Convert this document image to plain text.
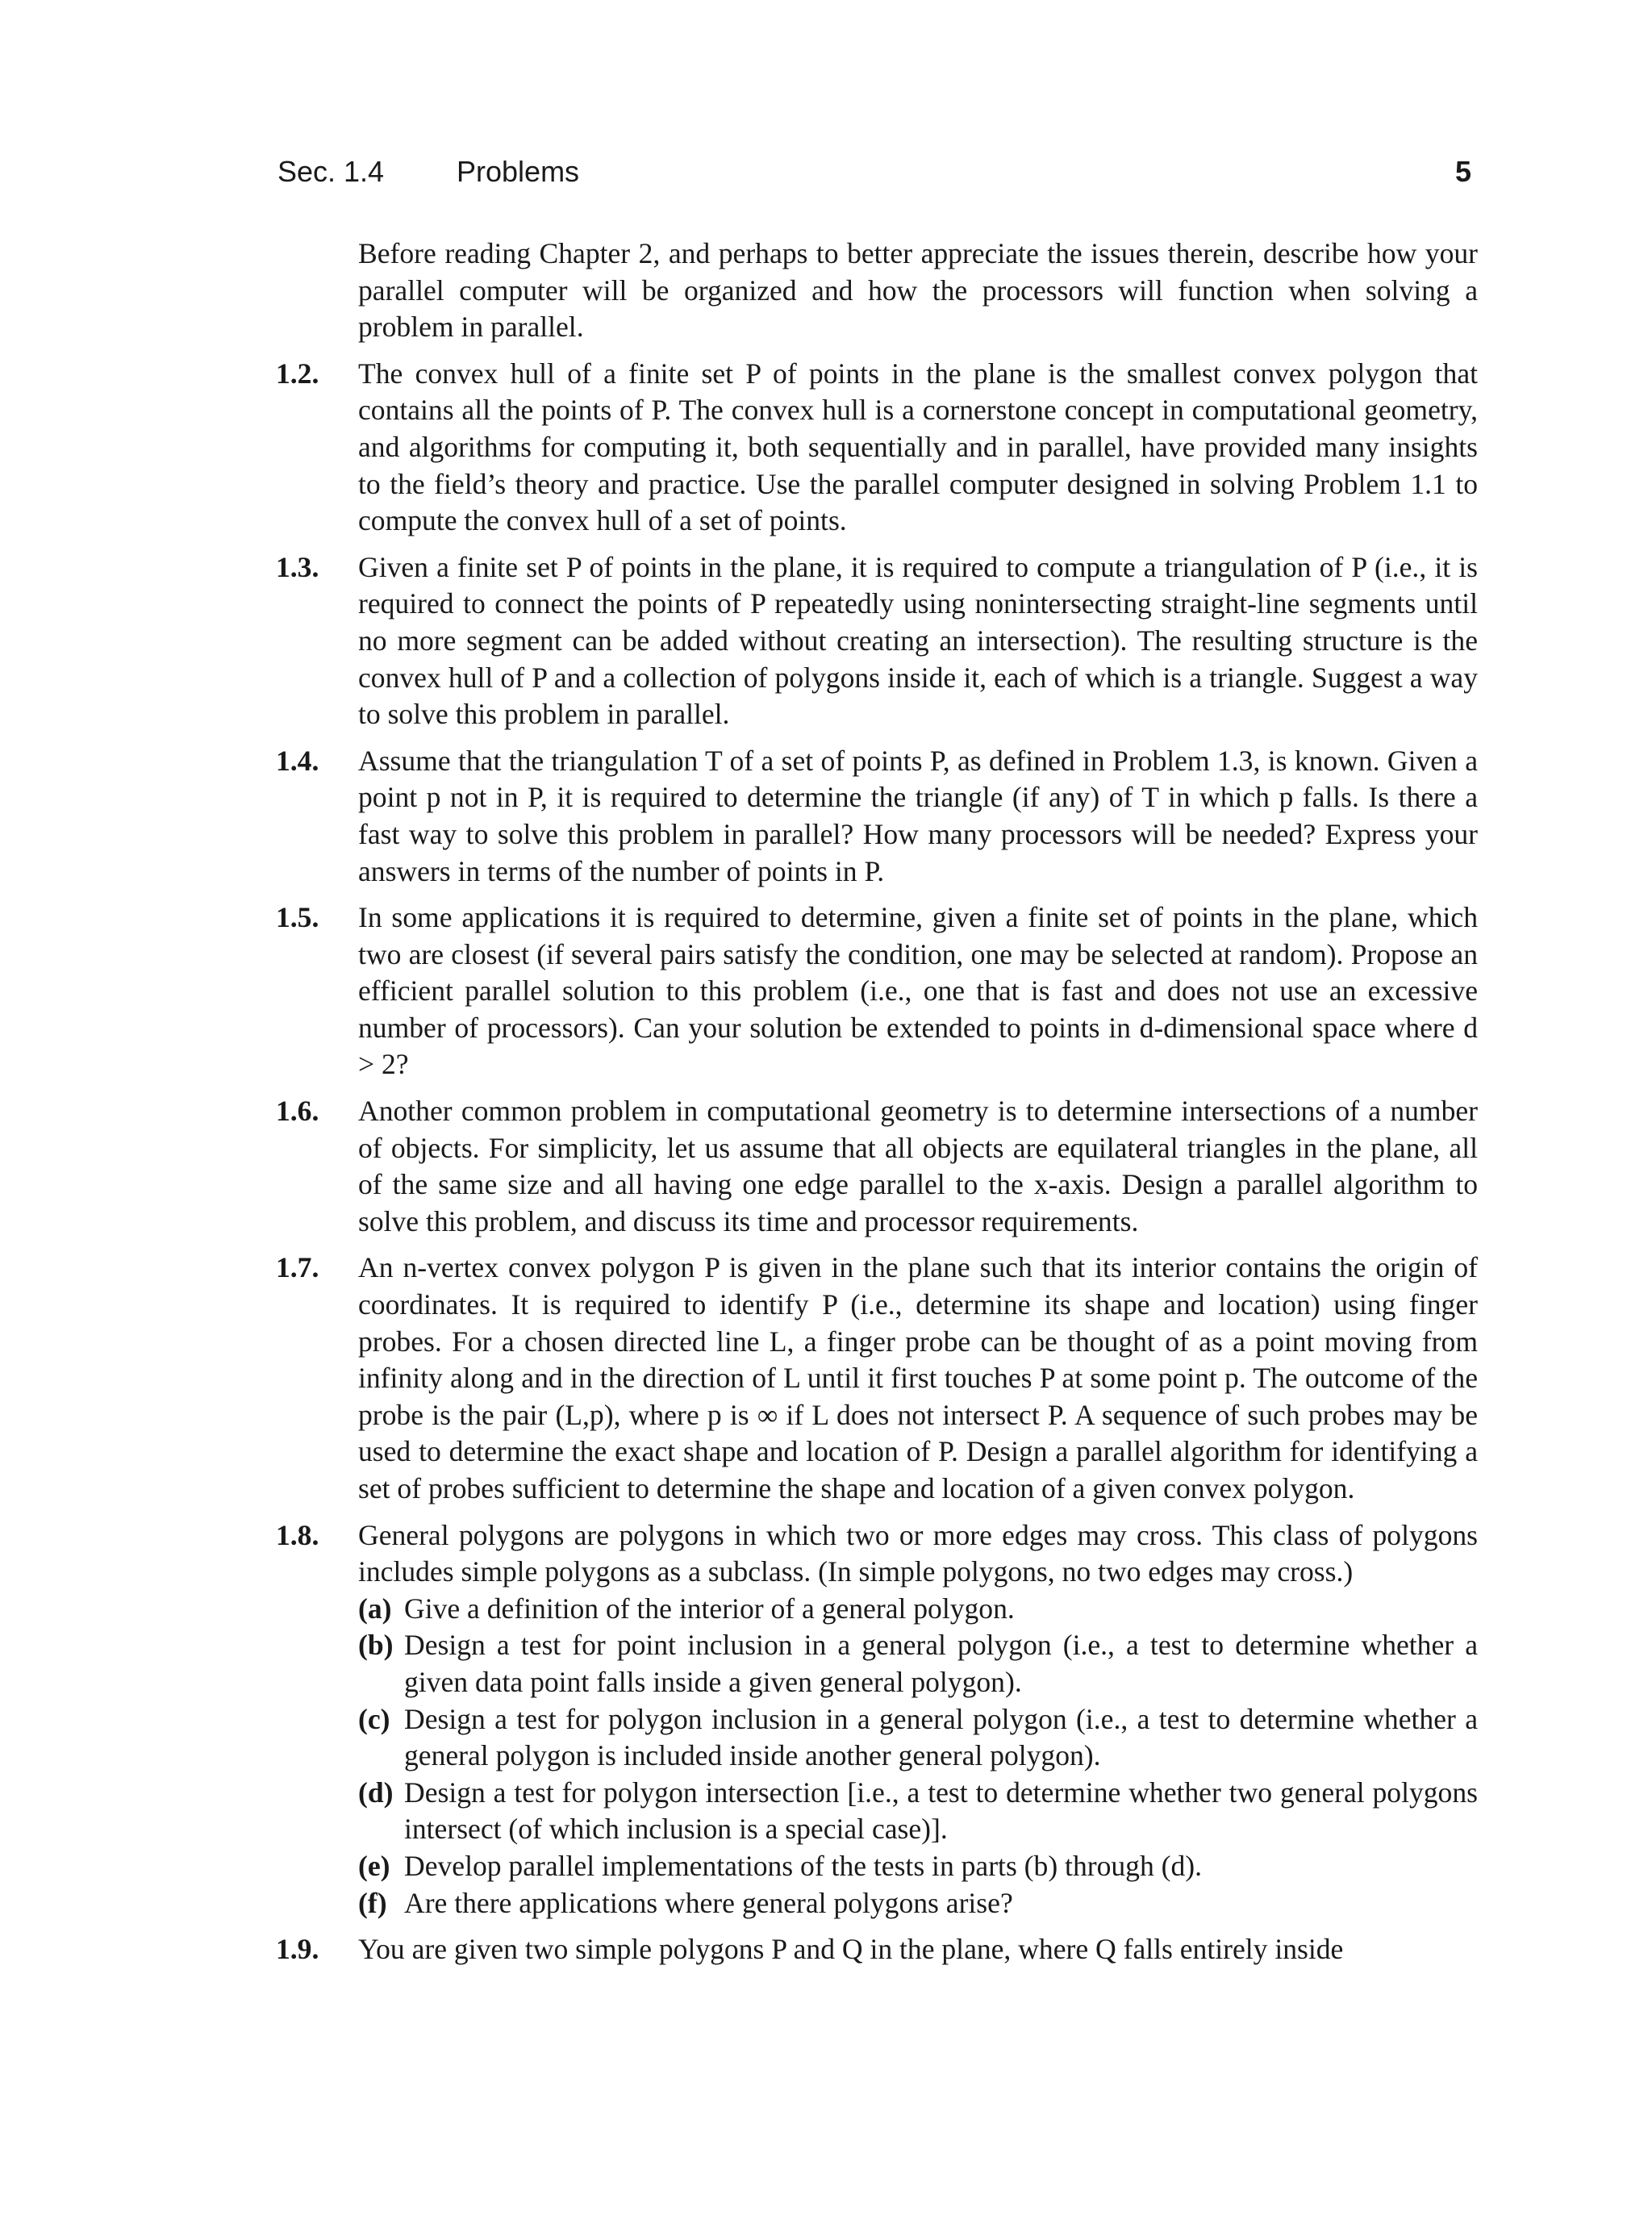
Sec. 1.4 Problems	5

Before reading Chapter 2, and perhaps to better appreciate the issues therein, describe how your parallel computer will be organized and how the processors will function when solving a problem in parallel.

1.2. The convex hull of a finite set P of points in the plane is the smallest convex polygon that contains all the points of P. The convex hull is a cornerstone concept in computational geometry, and algorithms for computing it, both sequentially and in parallel, have provided many insights to the field’s theory and practice. Use the parallel computer designed in solving Problem 1.1 to compute the convex hull of a set of points.

1.3. Given a finite set P of points in the plane, it is required to compute a triangulation of P (i.e., it is required to connect the points of P repeatedly using nonintersecting straight-line segments until no more segment can be added without creating an intersection). The resulting structure is the convex hull of P and a collection of polygons inside it, each of which is a triangle. Suggest a way to solve this problem in parallel.

1.4. Assume that the triangulation T of a set of points P, as defined in Problem 1.3, is known. Given a point p not in P, it is required to determine the triangle (if any) of T in which p falls. Is there a fast way to solve this problem in parallel? How many processors will be needed? Express your answers in terms of the number of points in P.

1.5. In some applications it is required to determine, given a finite set of points in the plane, which two are closest (if several pairs satisfy the condition, one may be selected at random). Propose an efficient parallel solution to this problem (i.e., one that is fast and does not use an excessive number of processors). Can your solution be extended to points in d-dimensional space where d > 2?

1.6. Another common problem in computational geometry is to determine intersections of a number of objects. For simplicity, let us assume that all objects are equilateral triangles in the plane, all of the same size and all having one edge parallel to the x-axis. Design a parallel algorithm to solve this problem, and discuss its time and processor requirements.

1.7. An n-vertex convex polygon P is given in the plane such that its interior contains the origin of coordinates. It is required to identify P (i.e., determine its shape and location) using finger probes. For a chosen directed line L, a finger probe can be thought of as a point moving from infinity along and in the direction of L until it first touches P at some point p. The outcome of the probe is the pair (L,p), where p is ∞ if L does not intersect P. A sequence of such probes may be used to determine the exact shape and location of P. Design a parallel algorithm for identifying a set of probes sufficient to determine the shape and location of a given convex polygon.

1.8. General polygons are polygons in which two or more edges may cross. This class of polygons includes simple polygons as a subclass. (In simple polygons, no two edges may cross.)

(a) Give a definition of the interior of a general polygon.
(b) Design a test for point inclusion in a general polygon (i.e., a test to determine whether a given data point falls inside a given general polygon).
(c) Design a test for polygon inclusion in a general polygon (i.e., a test to determine whether a general polygon is included inside another general polygon).
(d) Design a test for polygon intersection [i.e., a test to determine whether two general polygons intersect (of which inclusion is a special case)].
(e) Develop parallel implementations of the tests in parts (b) through (d).
(f) Are there applications where general polygons arise?
1.9. You are given two simple polygons P and Q in the plane, where Q falls entirely inside
